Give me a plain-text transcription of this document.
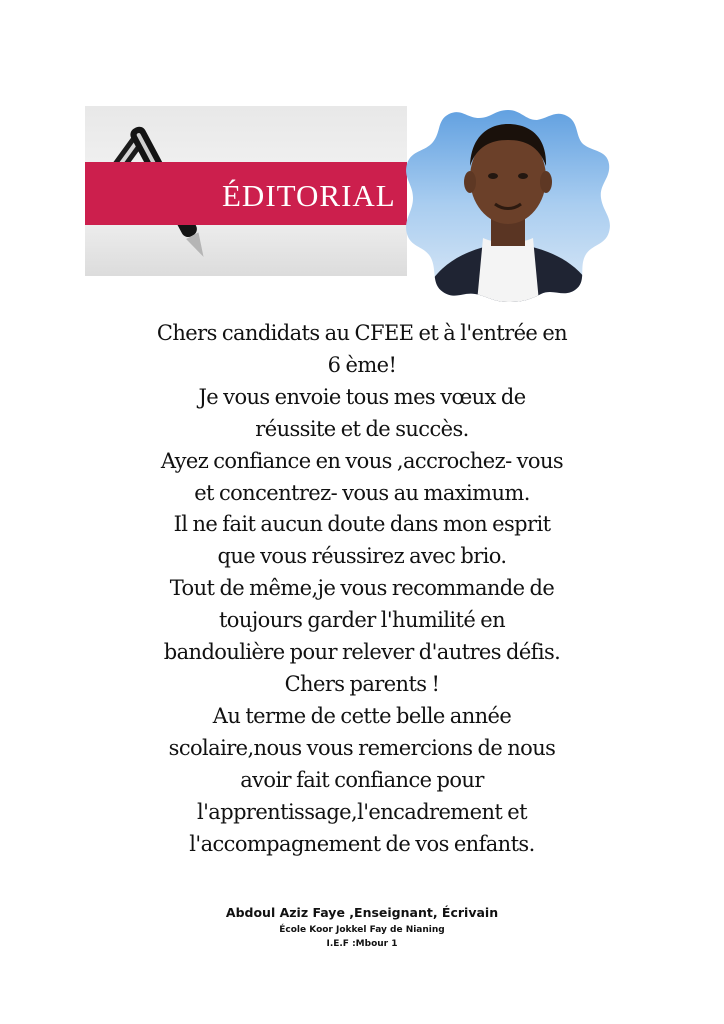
ÉDITORIAL
Chers candidats au CFEE et à l'entrée en
6 ème!
Je vous envoie tous mes vœux de
réussite et de succès.
Ayez confiance en vous ,accrochez- vous
et concentrez- vous au maximum.
Il ne fait aucun doute dans mon esprit
que vous réussirez avec brio.
Tout de même,je vous recommande de
toujours garder l'humilité en
bandoulière pour relever d'autres défis.
Chers parents !
Au terme de cette belle année
scolaire,nous vous remercions de nous
avoir fait confiance pour
l'apprentissage,l'encadrement et
l'accompagnement de vos enfants.
Abdoul Aziz Faye ,Enseignant, Écrivain
École Koor Jokkel Fay de Nianing
I.E.F :Mbour 1
